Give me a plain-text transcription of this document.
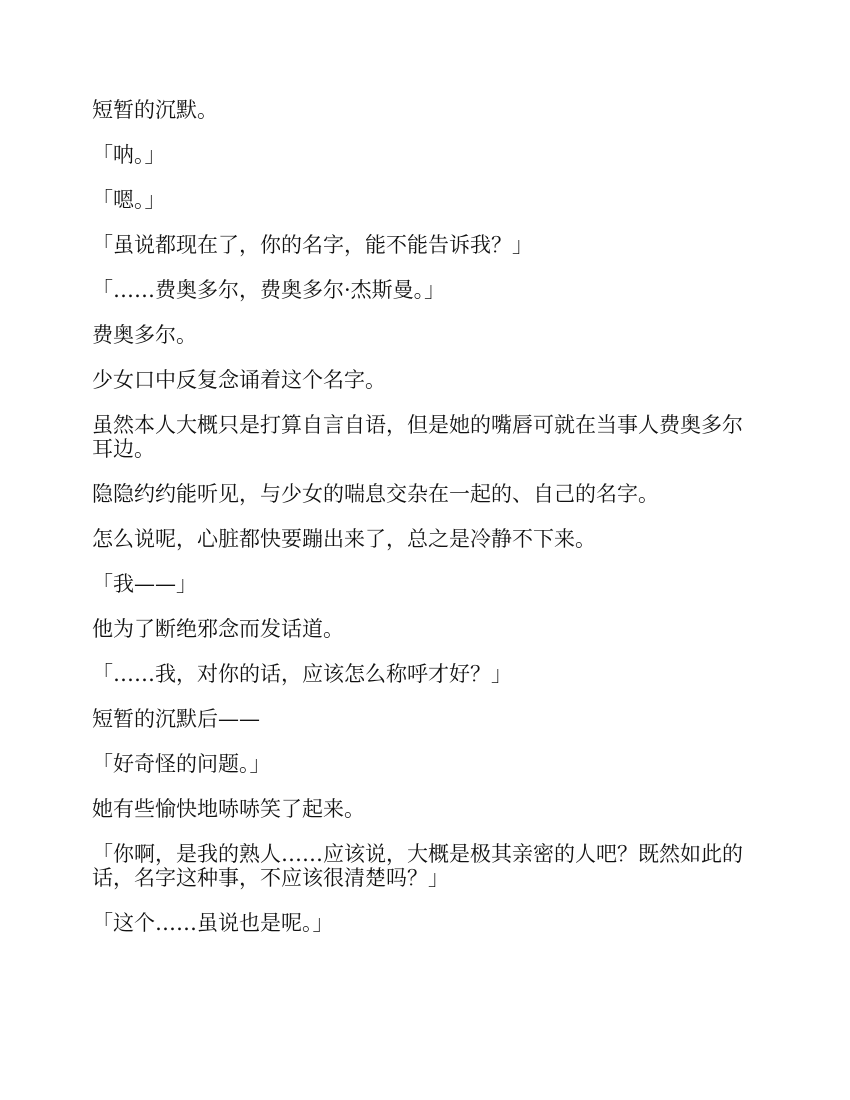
短暂的沉默。

「呐。」

「嗯。」

「虽说都现在了，你的名字，能不能告诉我？」

「……费奥多尔，费奥多尔·杰斯曼。」

费奥多尔。

少女口中反复念诵着这个名字。

虽然本人大概只是打算自言自语，但是她的嘴唇可就在当事人费奥多尔耳边。

隐隐约约能听见，与少女的喘息交杂在一起的、自己的名字。

怎么说呢，心脏都快要蹦出来了，总之是冷静不下来。

「我——」

他为了断绝邪念而发话道。

「……我，对你的话，应该怎么称呼才好？」

短暂的沉默后——

「好奇怪的问题。」

她有些愉快地哧哧笑了起来。

「你啊，是我的熟人……应该说，大概是极其亲密的人吧？既然如此的话，名字这种事，不应该很清楚吗？」

「这个……虽说也是呢。」
